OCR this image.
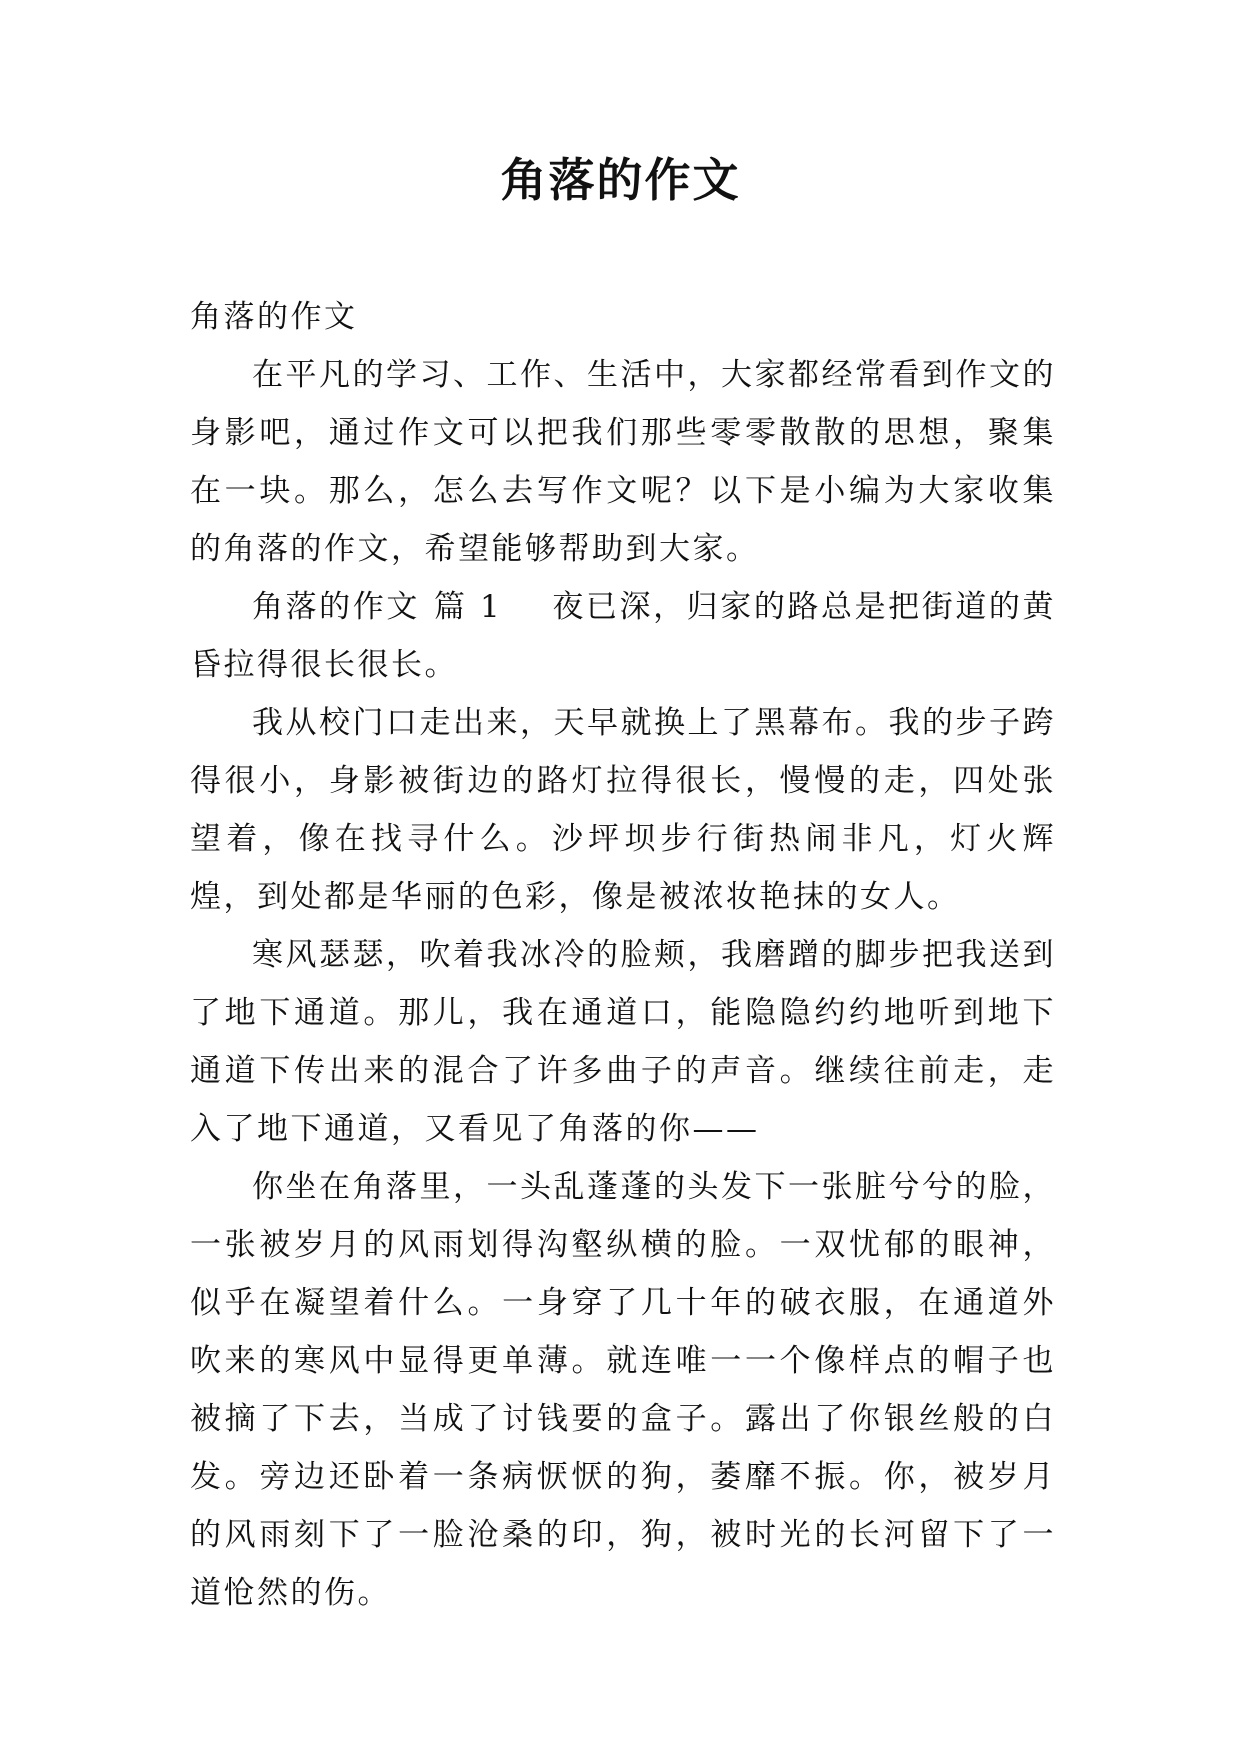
角落的作文

角落的作文

在平凡的学习、工作、生活中，大家都经常看到作文的身影吧，通过作文可以把我们那些零零散散的思想，聚集在一块。那么，怎么去写作文呢？以下是小编为大家收集的角落的作文，希望能够帮助到大家。

角落的作文 篇 1 夜已深，归家的路总是把街道的黄昏拉得很长很长。

我从校门口走出来，天早就换上了黑幕布。我的步子跨得很小，身影被街边的路灯拉得很长，慢慢的走，四处张望着，像在找寻什么。沙坪坝步行街热闹非凡，灯火辉煌，到处都是华丽的色彩，像是被浓妆艳抹的女人。

寒风瑟瑟，吹着我冰冷的脸颊，我磨蹭的脚步把我送到了地下通道。那儿，我在通道口，能隐隐约约地听到地下通道下传出来的混合了许多曲子的声音。继续往前走，走入了地下通道，又看见了角落的你——

你坐在角落里，一头乱蓬蓬的头发下一张脏兮兮的脸，一张被岁月的风雨划得沟壑纵横的脸。一双忧郁的眼神，似乎在凝望着什么。一身穿了几十年的破衣服，在通道外吹来的寒风中显得更单薄。就连唯一一个像样点的帽子也被摘了下去，当成了讨钱要的盒子。露出了你银丝般的白发。旁边还卧着一条病恹恹的狗，萎靡不振。你，被岁月的风雨刻下了一脸沧桑的印，狗，被时光的长河留下了一道怆然的伤。
